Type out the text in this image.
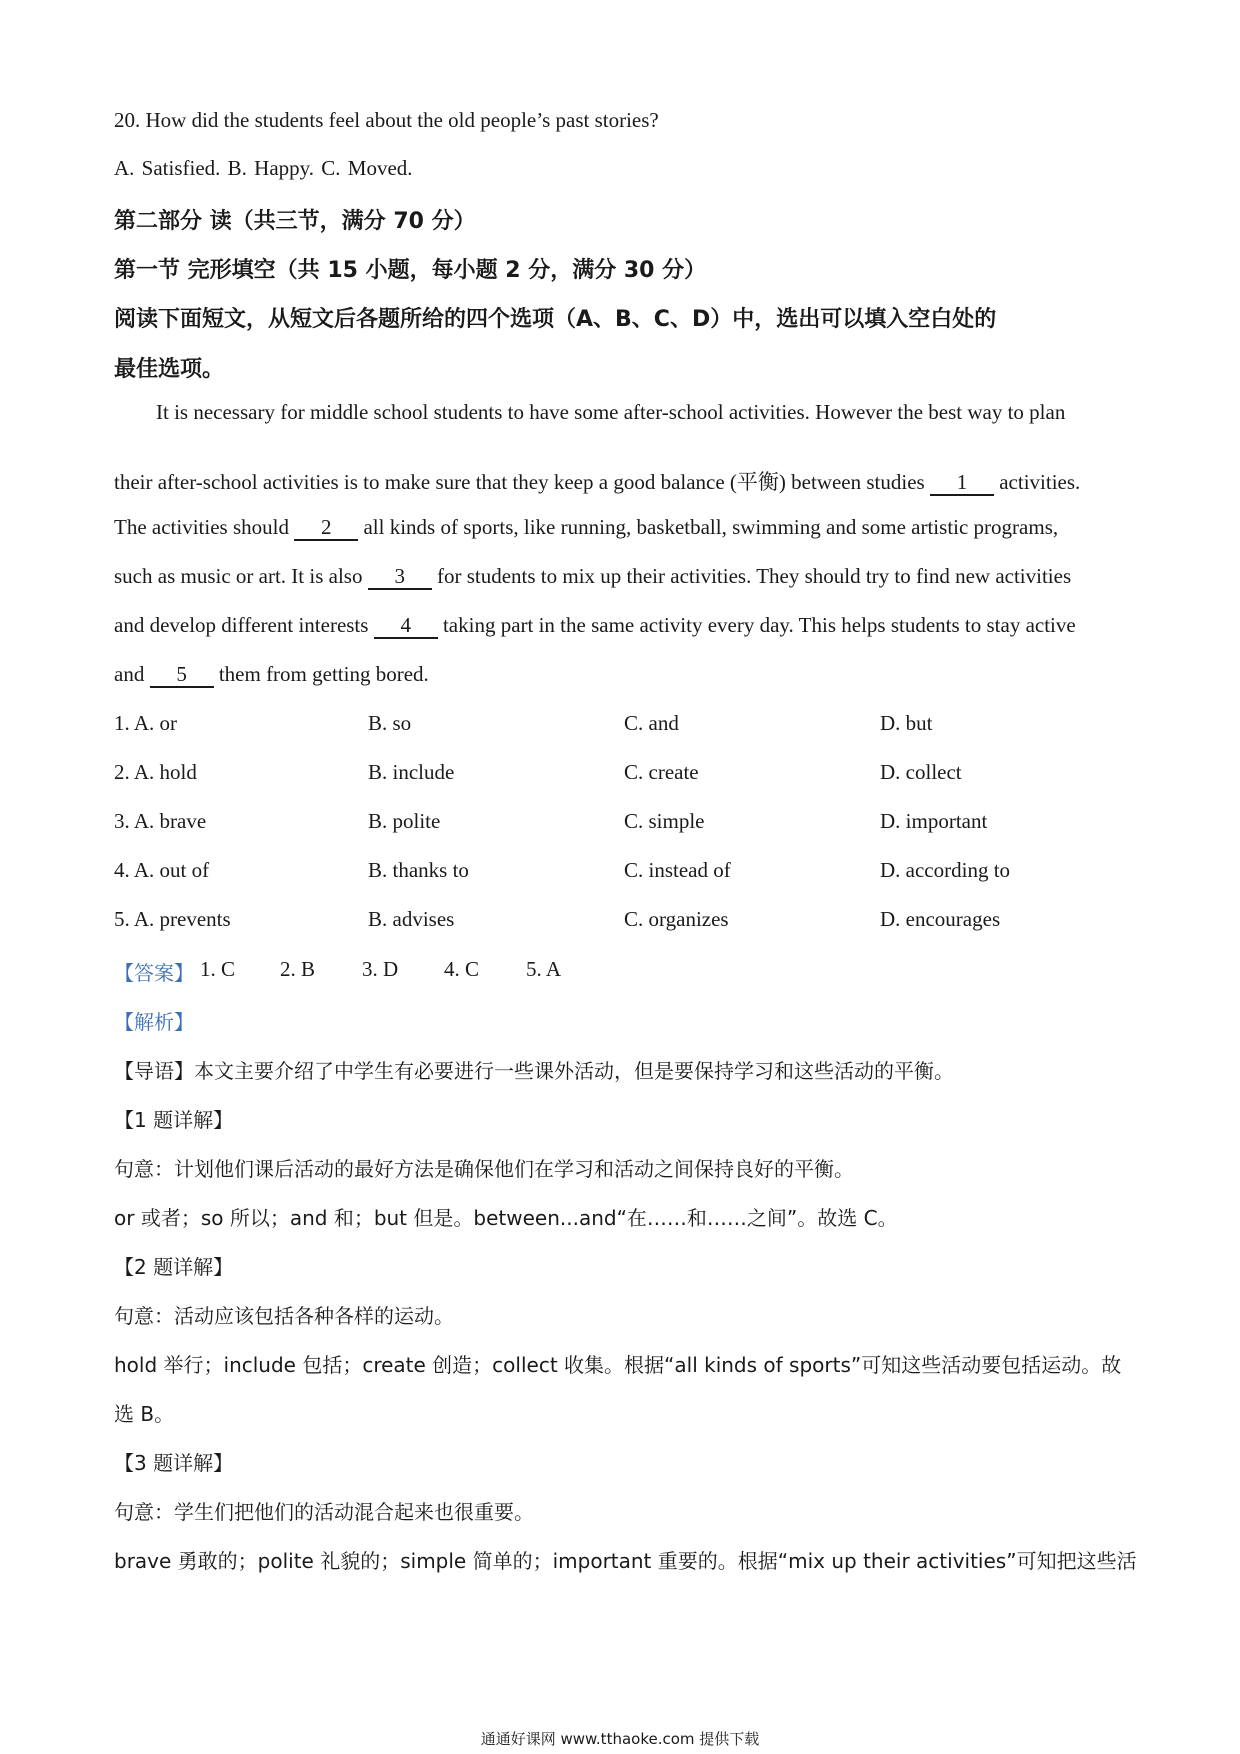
20. How did the students feel about the old people’s past stories?
A. Satisfied. B. Happy. C. Moved.
第二部分 读（共三节，满分 70 分）
第一节 完形填空（共 15 小题，每小题 2 分，满分 30 分）
阅读下面短文，从短文后各题所给的四个选项（A、B、C、D）中，选出可以填入空白处的
最佳选项。
It is necessary for middle school students to have some after-school activities. However the best way to plan
their after-school activities is to make sure that they keep a good balance (平衡) between studies 1 activities.
The activities should 2 all kinds of sports, like running, basketball, swimming and some artistic programs,
such as music or art. It is also 3 for students to mix up their activities. They should try to find new activities
and develop different interests 4 taking part in the same activity every day. This helps students to stay active
and 5 them from getting bored.
1. A. or	B. so	C. and	D. but
2. A. hold	B. include	C. create	D. collect
3. A. brave	B. polite	C. simple	D. important
4. A. out of	B. thanks to	C. instead of	D. according to
5. A. prevents	B. advises	C. organizes	D. encourages
【答案】 1. C 2. B 3. D 4. C 5. A
【解析】
【导语】本文主要介绍了中学生有必要进行一些课外活动，但是要保持学习和这些活动的平衡。
【1 题详解】
句意：计划他们课后活动的最好方法是确保他们在学习和活动之间保持良好的平衡。
or 或者；so 所以；and 和；but 但是。between...and“在……和……之间”。故选 C。
【2 题详解】
句意：活动应该包括各种各样的运动。
hold 举行；include 包括；create 创造；collect 收集。根据“all kinds of sports”可知这些活动要包括运动。故
选 B。
【3 题详解】
句意：学生们把他们的活动混合起来也很重要。
brave 勇敢的；polite 礼貌的；simple 简单的；important 重要的。根据“mix up their activities”可知把这些活
通通好课网 www.tthaoke.com 提供下载
